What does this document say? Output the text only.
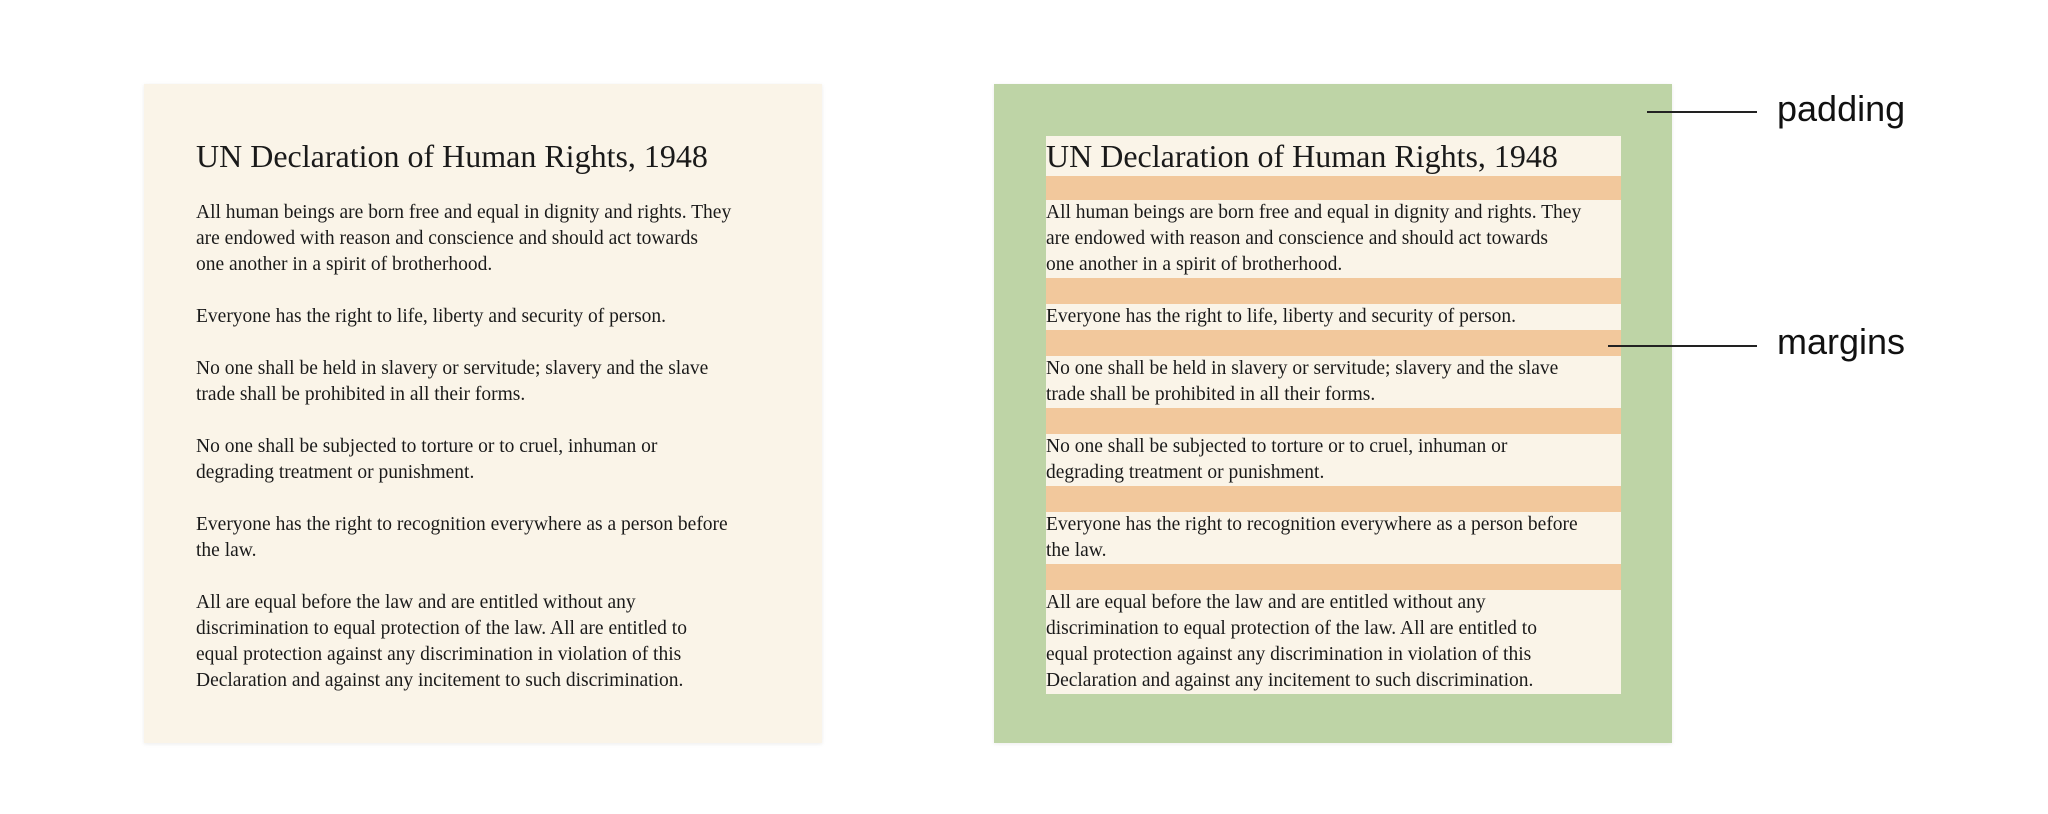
UN Declaration of Human Rights, 1948

All human beings are born free and equal in dignity and rights. They
are endowed with reason and conscience and should act towards
one another in a spirit of brotherhood.

Everyone has the right to life, liberty and security of person.

No one shall be held in slavery or servitude; slavery and the slave
trade shall be prohibited in all their forms.

No one shall be subjected to torture or to cruel, inhuman or
degrading treatment or punishment.

Everyone has the right to recognition everywhere as a person before
the law.

All are equal before the law and are entitled without any
discrimination to equal protection of the law. All are entitled to
equal protection against any discrimination in violation of this
Declaration and against any incitement to such discrimination.

UN Declaration of Human Rights, 1948

All human beings are born free and equal in dignity and rights. They
are endowed with reason and conscience and should act towards
one another in a spirit of brotherhood.

Everyone has the right to life, liberty and security of person.

No one shall be held in slavery or servitude; slavery and the slave
trade shall be prohibited in all their forms.

No one shall be subjected to torture or to cruel, inhuman or
degrading treatment or punishment.

Everyone has the right to recognition everywhere as a person before
the law.

All are equal before the law and are entitled without any
discrimination to equal protection of the law. All are entitled to
equal protection against any discrimination in violation of this
Declaration and against any incitement to such discrimination.

padding
margins
